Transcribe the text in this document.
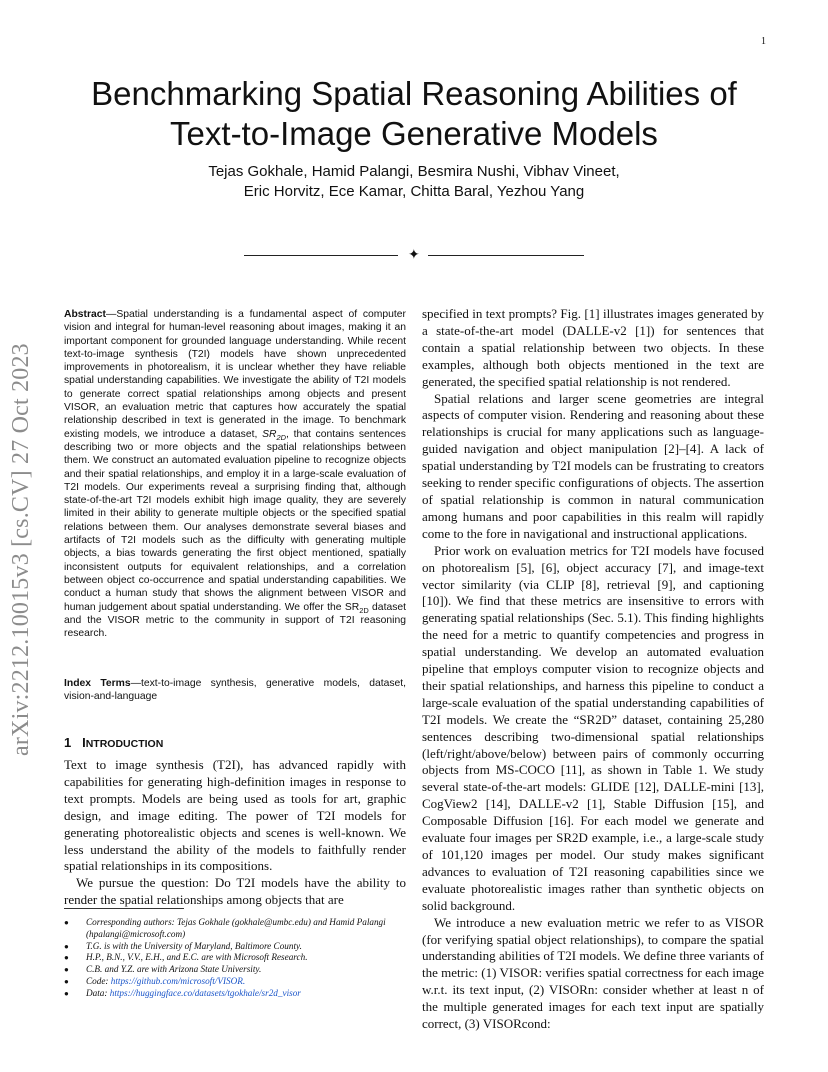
1
Benchmarking Spatial Reasoning Abilities of
Text-to-Image Generative Models
Tejas Gokhale, Hamid Palangi, Besmira Nushi, Vibhav Vineet,
Eric Horvitz, Ece Kamar, Chitta Baral, Yezhou Yang
✦
arXiv:2212.10015v3 [cs.CV] 27 Oct 2023
Abstract—Spatial understanding is a fundamental aspect of computer vision and integral for human-level reasoning about images, making it an important component for grounded language understanding. While recent text-to-image synthesis (T2I) models have shown unprecedented improvements in photorealism, it is unclear whether they have reliable spatial understanding capabilities. We investigate the ability of T2I models to generate correct spatial relationships among objects and present VISOR, an evaluation metric that captures how accurately the spatial relationship described in text is generated in the image. To benchmark existing models, we introduce a dataset, $SR_{2D}$, that contains sentences describing two or more objects and the spatial relationships between them. We construct an automated evaluation pipeline to recognize objects and their spatial relationships, and employ it in a large-scale evaluation of T2I models. Our experiments reveal a surprising finding that, although state-of-the-art T2I models exhibit high image quality, they are severely limited in their ability to generate multiple objects or the specified spatial relations between them. Our analyses demonstrate several biases and artifacts of T2I models such as the difficulty with generating multiple objects, a bias towards generating the first object mentioned, spatially inconsistent outputs for equivalent relationships, and a correlation between object co-occurrence and spatial understanding capabilities. We conduct a human study that shows the alignment between VISOR and human judgement about spatial understanding. We offer the $SR_{2D}$ dataset and the VISOR metric to the community in support of T2I reasoning research.
Index Terms—text-to-image synthesis, generative models, dataset, vision-and-language
1 INTRODUCTION

Text to image synthesis (T2I), has advanced rapidly with capabilities for generating high-definition images in response to text prompts. Models are being used as tools for art, graphic design, and image editing. The power of T2I models for generating photorealistic objects and scenes is well-known. We less understand the ability of the models to faithfully render spatial relationships in its compositions.

We pursue the question: Do T2I models have the ability to render the spatial relationships among objects that are

● Corresponding authors: Tejas Gokhale (gokhale@umbc.edu) and Hamid Palangi (hpalangi@microsoft.com)
● T.G. is with the University of Maryland, Baltimore County.
● H.P., B.N., V.V., E.H., and E.C. are with Microsoft Research.
● C.B. and Y.Z. are with Arizona State University.
● Code: https://github.com/microsoft/VISOR.
● Data: https://huggingface.co/datasets/tgokhale/sr2d_visor

specified in text prompts? Fig. [1] illustrates images generated by a state-of-the-art model (DALLE-v2 [1]) for sentences that contain a spatial relationship between two objects. In these examples, although both objects mentioned in the text are generated, the specified spatial relationship is not rendered.

Spatial relations and larger scene geometries are integral aspects of computer vision. Rendering and reasoning about these relationships is crucial for many applications such as language-guided navigation and object manipulation [2]–[4]. A lack of spatial understanding by T2I models can be frustrating to creators seeking to render specific configurations of objects. The assertion of spatial relationship is common in natural communication among humans and poor capabilities in this realm will rapidly come to the fore in navigational and instructional applications.

Prior work on evaluation metrics for T2I models have focused on photorealism [5], [6], object accuracy [7], and image-text vector similarity (via CLIP [8], retrieval [9], and captioning [10]). We find that these metrics are insensitive to errors with generating spatial relationships (Sec. 5.1). This finding highlights the need for a metric to quantify competencies and progress in spatial understanding. We develop an automated evaluation pipeline that employs computer vision to recognize objects and their spatial relationships, and harness this pipeline to conduct a large-scale evaluation of the spatial understanding capabilities of T2I models. We create the “SR2D” dataset, containing 25,280 sentences describing two-dimensional spatial relationships (left/right/above/below) between pairs of commonly occurring objects from MS-COCO [11], as shown in Table 1. We study several state-of-the-art models: GLIDE [12], DALLE-mini [13], CogView2 [14], DALLE-v2 [1], Stable Diffusion [15], and Composable Diffusion [16]. For each model we generate and evaluate four images per SR2D example, i.e., a large-scale study of 101,120 images per model. Our study makes significant advances to evaluation of T2I reasoning capabilities since we evaluate photorealistic images rather than synthetic objects on solid background.

We introduce a new evaluation metric we refer to as VISOR (for verifying spatial object relationships), to compare the spatial understanding abilities of T2I models. We define three variants of the metric: (1) VISOR: verifies spatial correctness for each image w.r.t. its text input, (2) VISORn: consider whether at least n of the multiple generated images for each text input are spatially correct, (3) VISORcond:
